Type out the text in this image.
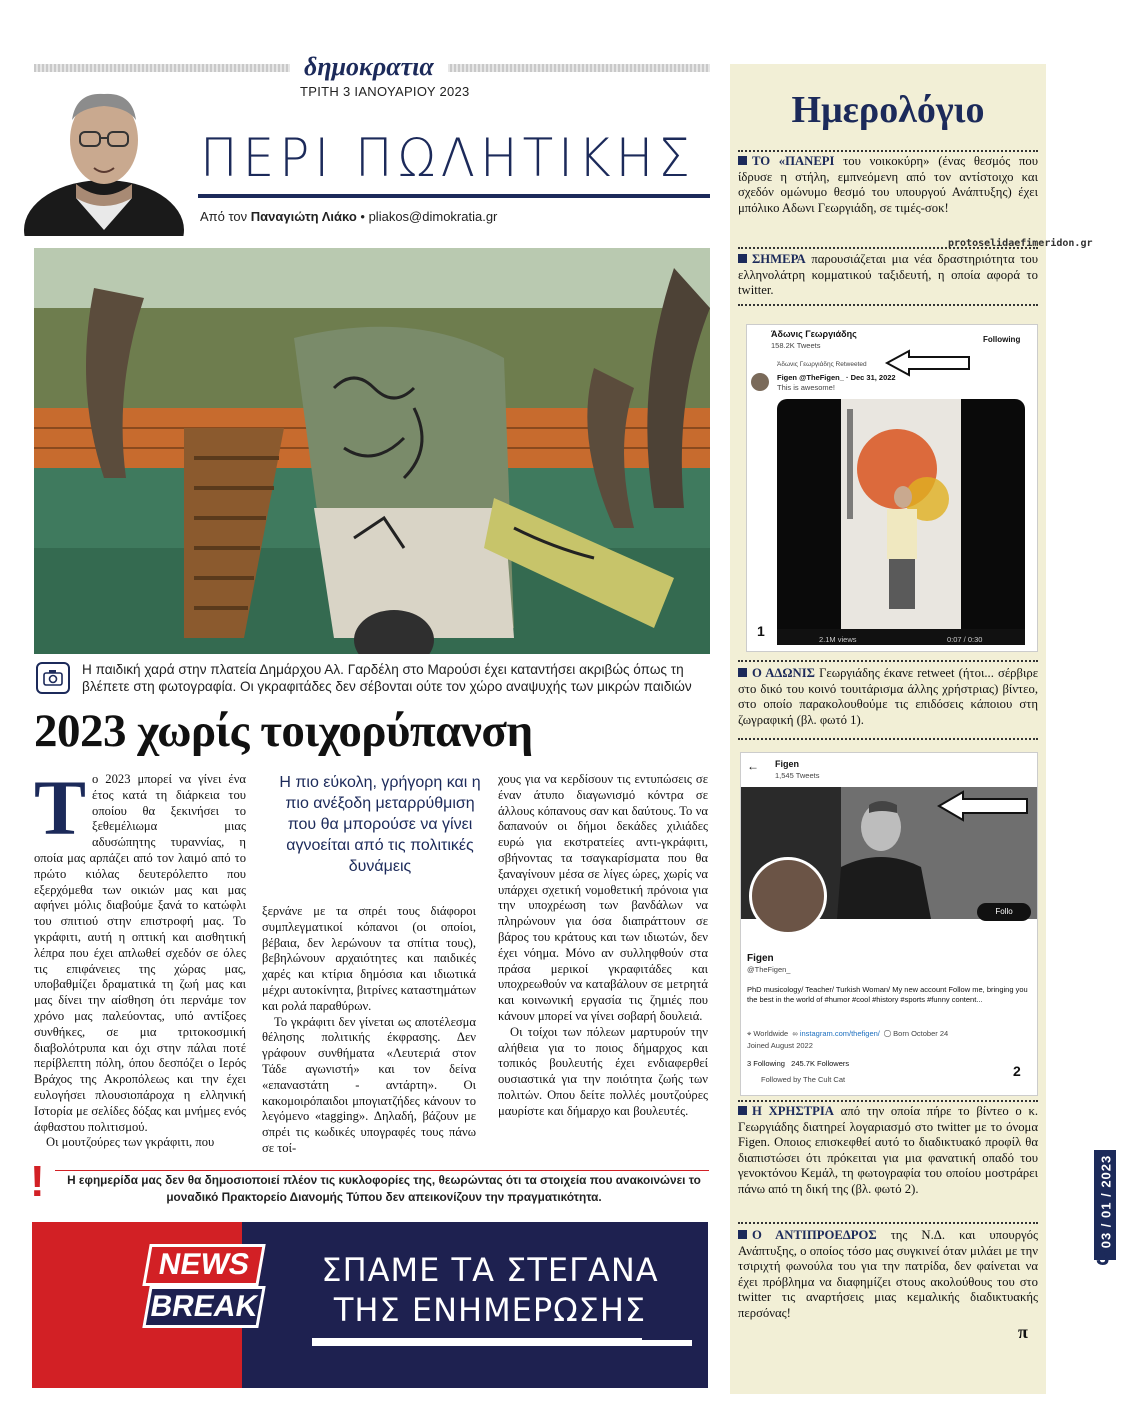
δημοκρατια
ΤΡΙΤΗ 3 ΙΑΝΟΥΑΡΙΟΥ 2023
ΠΕΡΙ ΠΩΛΗΤΙΚΗΣ
Από τον Παναγιώτη Λιάκο • pliakos@dimokratia.gr
Η παιδική χαρά στην πλατεία Δημάρχου Αλ. Γαρδέλη στο Μαρούσι έχει καταντήσει ακριβώς όπως τη βλέπετε στη φωτογραφία. Οι γκραφιτάδες δεν σέβονται ούτε τον χώρο αναψυχής των μικρών παιδιών
2023 χωρίς τοιχορύπανση
Το 2023 μπορεί να γίνει ένα έτος κατά τη διάρκεια του οποίου θα ξεκινήσει το ξεθεμέλιωμα μιας αδυσώπητης τυραννίας, η οποία μας αρπάζει από τον λαιμό από το πρώτο κιόλας δευτερόλεπτο που εξερχόμεθα των οικιών μας και μας αφήνει μόλις διαβούμε ξανά το κατώφλι του σπιτιού στην επιστροφή μας. Το γκράφιτι, αυτή η οπτική και αισθητική λέπρα που έχει απλωθεί σχεδόν σε όλες τις επιφάνειες της χώρας μας, υποβαθμίζει δραματικά τη ζωή μας και μας δίνει την αίσθηση ότι περνάμε τον χρόνο μας παλεύοντας, υπό αντίξοες συνθήκες, σε μια τριτοκοσμική διαβολότρυπα και όχι στην πάλαι ποτέ περίβλεπτη πόλη, όπου δεσπόζει ο Ιερός Βράχος της Ακροπόλεως και την έχει ευλογήσει πλουσιοπάροχα η ελληνική Ιστορία με σελίδες δόξας και μνήμες ενός άφθαστου πολιτισμού.
Οι μουτζούρες των γκράφιτι, που
Η πιο εύκολη, γρήγορη και η πιο ανέξοδη μεταρρύθμιση που θα μπορούσε να γίνει αγνοείται από τις πολιτικές δυνάμεις
ξερνάνε με τα σπρέι τους διάφοροι συμπλεγματικοί κόπανοι (οι οποίοι, βέβαια, δεν λερώνουν τα σπίτια τους), βεβηλώνουν αρχαιότητες και παιδικές χαρές και κτίρια δημόσια και ιδιωτικά μέχρι αυτοκίνητα, βιτρίνες καταστημάτων και ρολά παραθύρων.
Το γκράφιτι δεν γίνεται ως αποτέλεσμα θέλησης πολιτικής έκφρασης. Δεν γράφουν συνθήματα «Λευτεριά στον Τάδε αγωνιστή» και τον δείνα «επαναστάτη - αντάρτη». Οι κακομοιρόπαιδοι μπογιατζήδες κάνουν το λεγόμενο «tagging». Δηλαδή, βάζουν με σπρέι τις κωδικές υπογραφές τους πάνω σε τοί-
χους για να κερδίσουν τις εντυπώσεις σε έναν άτυπο διαγωνισμό κόντρα σε άλλους κόπανους σαν και δαύτους. Το να δαπανούν οι δήμοι δεκάδες χιλιάδες ευρώ για εκστρατείες αντι-γκράφιτι, σβήνοντας τα τσαγκαρίσματα που θα ξαναγίνουν μέσα σε λίγες ώρες, χωρίς να υπάρχει σχετική νομοθετική πρόνοια για την υποχρέωση των βανδάλων να πληρώνουν για όσα διαπράττουν σε βάρος του κράτους και των ιδιωτών, δεν έχει νόημα. Μόνο αν συλληφθούν στα πράσα μερικοί γκραφιτάδες και υποχρεωθούν να καταβάλουν σε μετρητά και κοινωνική εργασία τις ζημιές που κάνουν μπορεί να γίνει σοβαρή δουλειά.
Οι τοίχοι των πόλεων μαρτυρούν την αλήθεια για το ποιος δήμαρχος και τοπικός βουλευτής έχει ενδιαφερθεί ουσιαστικά για την ποιότητα ζωής των πολιτών. Οπου δείτε πολλές μουτζούρες μαυρίστε και δήμαρχο και βουλευτές.
!	Η εφημερίδα μας δεν θα δημοσιοποιεί πλέον τις κυκλοφορίες της, θεωρώντας ότι τα στοιχεία που ανακοινώνει το μοναδικό Πρακτορείο Διανομής Τύπου δεν απεικονίζουν την πραγματικότητα.
NEWS
BREAK
ΣΠΑΜΕ ΤΑ ΣΤΕΓΑΝΑ
ΤΗΣ ΕΝΗΜΕΡΩΣΗΣ
Ημερολόγιο
ΤΟ «ΠΑΝΕΡΙ του νοικοκύρη» (ένας θεσμός που ίδρυσε η στήλη, εμπνεόμενη από τον αντίστοιχο και σχεδόν ομώνυμο θεσμό του υπουργού Ανάπτυξης) έχει μπόλικο Αδωνι Γεωργιάδη, σε τιμές-σοκ!
protoselidaefimeridon.gr
ΣΗΜΕΡΑ παρουσιάζεται μια νέα δραστηριότητα του ελληνολάτρη κομματικού ταξιδευτή, η οποία αφορά το twitter.
Άδωνις Γεωργιάδης
158.2K Tweets
Following
Άδωνις Γεωργιάδης Retweeted
Figen @TheFigen_ · Dec 31, 2022
This is awesome!
1
2.1M views	0:07 / 0:30
Ο ΑΔΩΝΙΣ Γεωργιάδης έκανε retweet (ήτοι... σέρβιρε στο δικό του κοινό τουιτάρισμα άλλης χρήστριας) βίντεο, στο οποίο παρακολουθούμε τις επιδόσεις κάποιου στη ζωγραφική (βλ. φωτό 1).
← Figen
1,545 Tweets
Follo
Figen
@TheFigen_
PhD musicology/ Teacher/ Turkish Woman/ My new account Follow me, bringing you the best in the world of #humor #cool #history #sports #funny content...
⌖ Worldwide ∞ instagram.com/thefigen/ ◯ Born October 24
Joined August 2022
3 Following   245.7K Followers
Followed by The Cult Cat
2
Η ΧΡΗΣΤΡΙΑ από την οποία πήρε το βίντεο ο κ. Γεωργιάδης διατηρεί λογαριασμό στο twitter με το όνομα Figen. Οποιος επισκεφθεί αυτό το διαδικτυακό προφίλ θα διαπιστώσει ότι πρόκειται για μια φανατική οπαδό του γενοκτόνου Κεμάλ, τη φωτογραφία του οποίου μοστράρει πάνω από τη δική της (βλ. φωτό 2).
Ο ΑΝΤΙΠΡΟΕΔΡΟΣ της Ν.Δ. και υπουργός Ανάπτυξης, ο οποίος τόσο μας συγκινεί όταν μιλάει με την τσιριχτή φωνούλα του για την πατρίδα, δεν φαίνεται να έχει πρόβλημα να διαφημίζει στους ακολούθους του στο twitter τις αναρτήσεις μιας κεμαλικής διαδικτυακής περσόνας!
π
03 / 01 / 2023
3
